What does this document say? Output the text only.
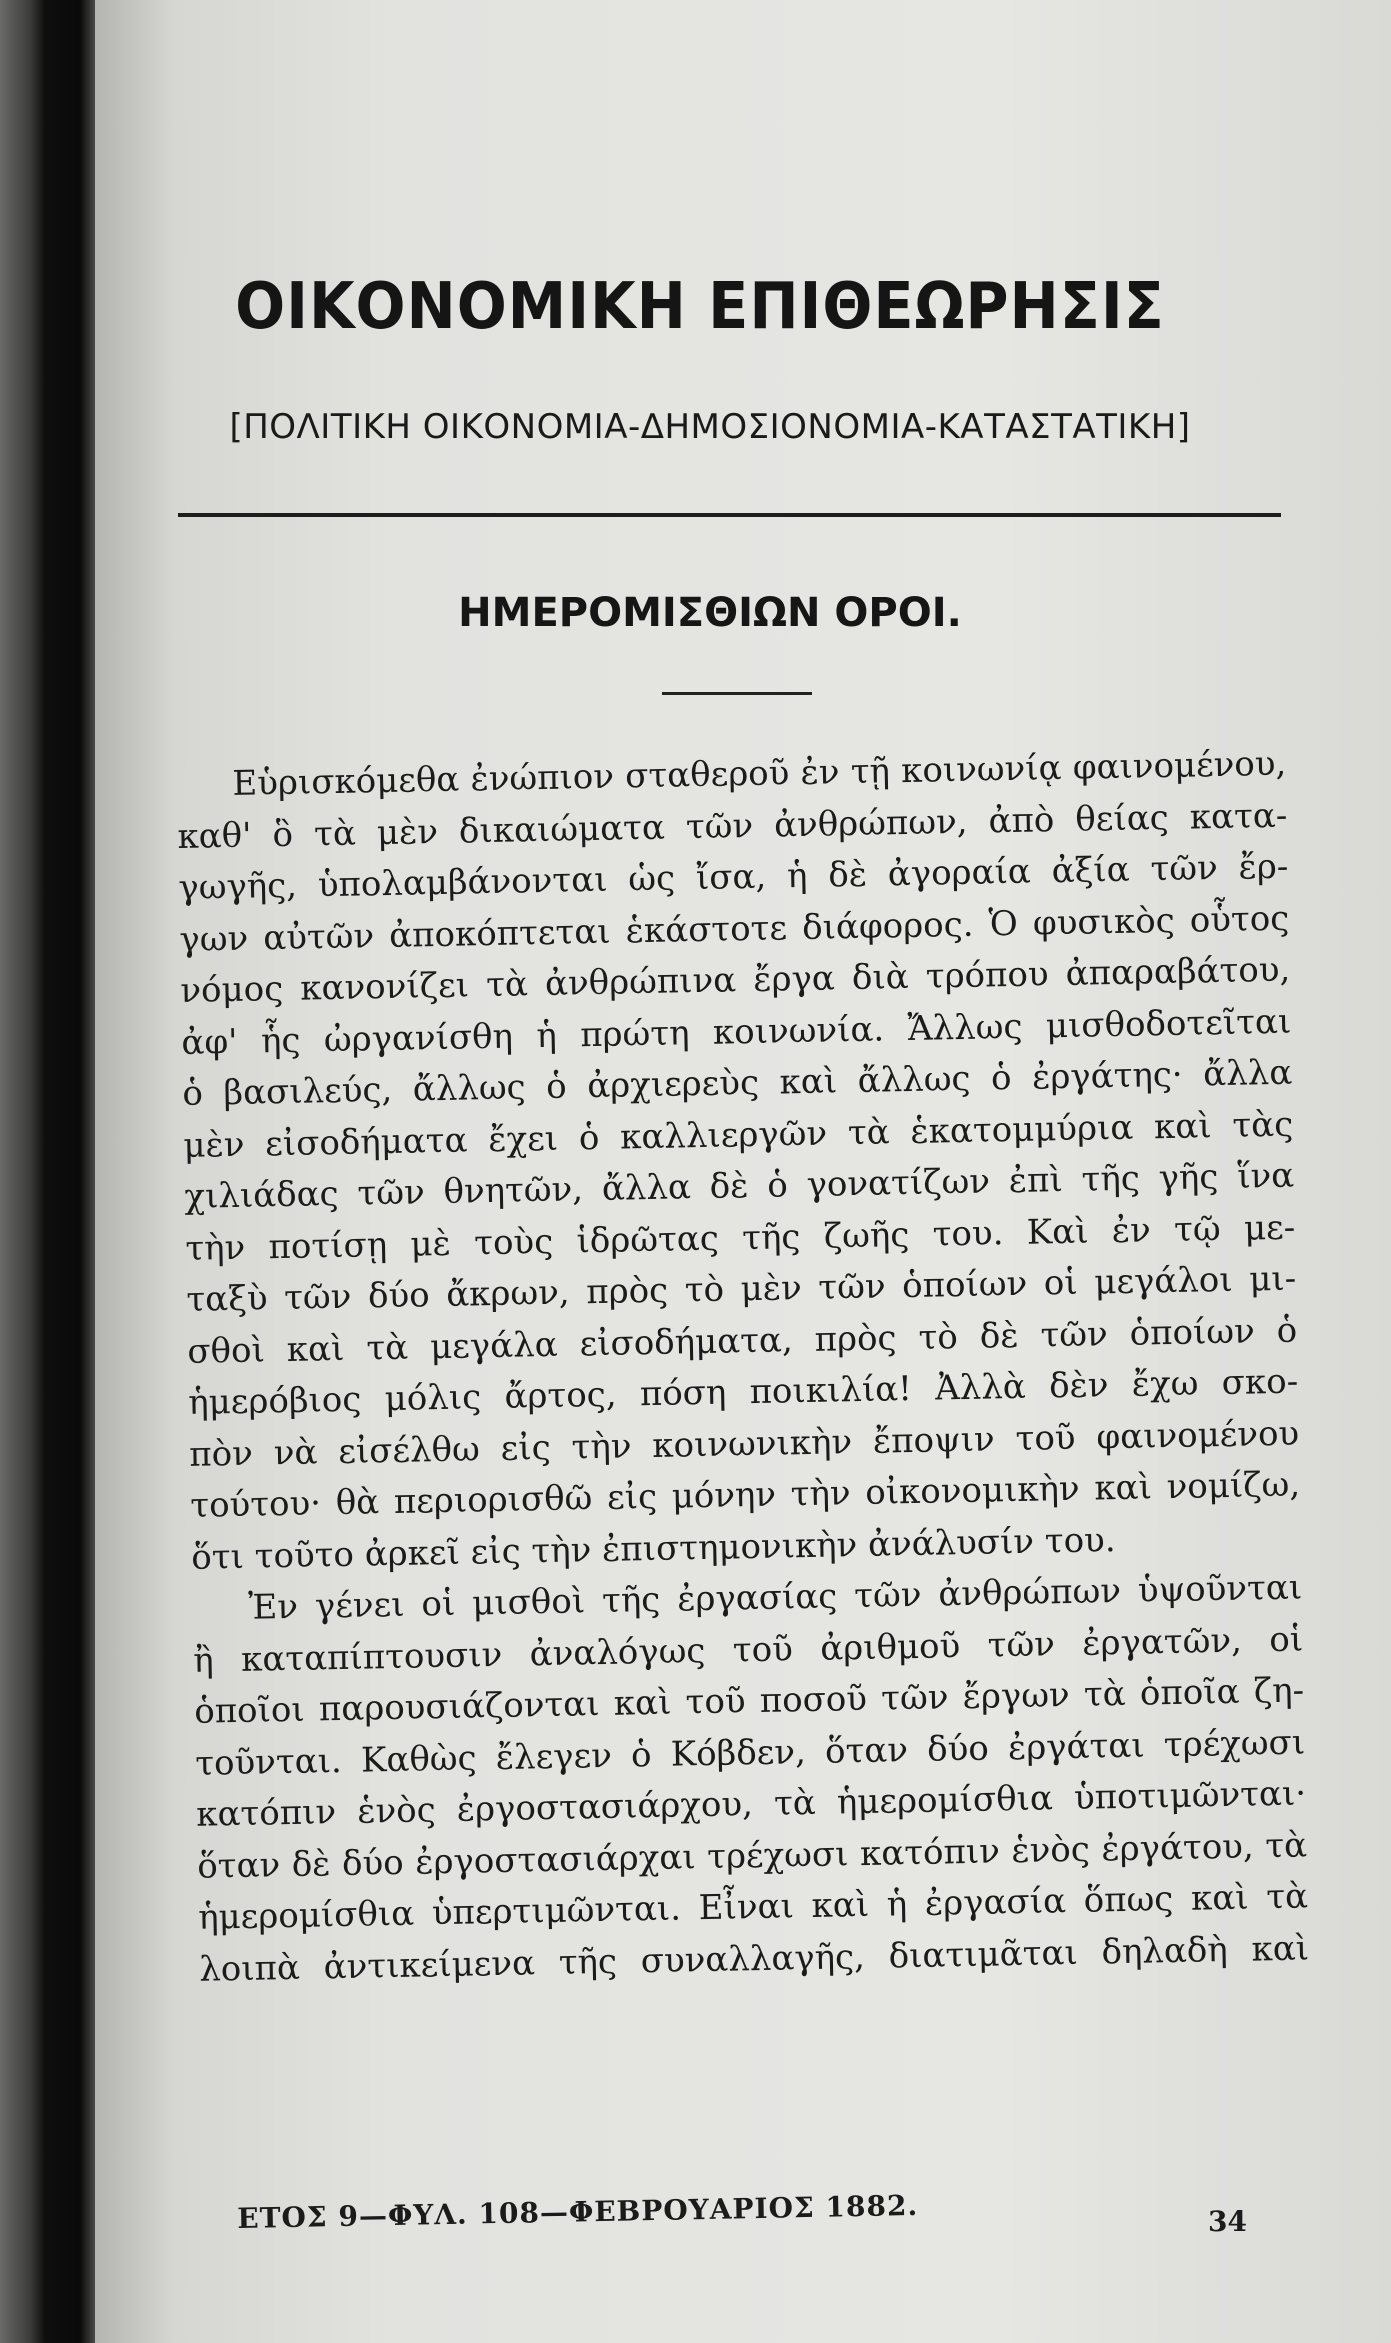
ΟΙΚΟΝΟΜΙΚΗ ΕΠΙΘΕΩΡΗΣΙΣ
[ΠΟΛΙΤΙΚΗ ΟΙΚΟΝΟΜΙΑ-ΔΗΜΟΣΙΟΝΟΜΙΑ-ΚΑΤΑΣΤΑΤΙΚΗ]
ΗΜΕΡΟΜΙΣΘΙΩΝ ΟΡΟΙ.
Εὑρισκόμεθα ἐνώπιον σταθεροῦ ἐν τῇ κοινωνίᾳ φαινομένου,
καθ' ὃ τὰ μὲν δικαιώματα τῶν ἀνθρώπων, ἀπὸ θείας κατα-
γωγῆς, ὑπολαμβάνονται ὡς ἴσα, ἡ δὲ ἀγοραία ἀξία τῶν ἔρ-
γων αὐτῶν ἀποκόπτεται ἑκάστοτε διάφορος. Ὁ φυσικὸς οὗτος
νόμος κανονίζει τὰ ἀνθρώπινα ἔργα διὰ τρόπου ἀπαραβάτου,
ἀφ' ἧς ὠργανίσθη ἡ πρώτη κοινωνία. Ἄλλως μισθοδοτεῖται
ὁ βασιλεύς, ἄλλως ὁ ἀρχιερεὺς καὶ ἄλλως ὁ ἐργάτης· ἄλλα
μὲν εἰσοδήματα ἔχει ὁ καλλιεργῶν τὰ ἑκατομμύρια καὶ τὰς
χιλιάδας τῶν θνητῶν, ἄλλα δὲ ὁ γονατίζων ἐπὶ τῆς γῆς ἵνα
τὴν ποτίσῃ μὲ τοὺς ἱδρῶτας τῆς ζωῆς του. Καὶ ἐν τῷ με-
ταξὺ τῶν δύο ἄκρων, πρὸς τὸ μὲν τῶν ὁποίων οἱ μεγάλοι μι-
σθοὶ καὶ τὰ μεγάλα εἰσοδήματα, πρὸς τὸ δὲ τῶν ὁποίων ὁ
ἡμερόβιος μόλις ἄρτος, πόση ποικιλία! Ἀλλὰ δὲν ἔχω σκο-
πὸν νὰ εἰσέλθω εἰς τὴν κοινωνικὴν ἔποψιν τοῦ φαινομένου
τούτου· θὰ περιορισθῶ εἰς μόνην τὴν οἰκονομικὴν καὶ νομίζω,
ὅτι τοῦτο ἀρκεῖ εἰς τὴν ἐπιστημονικὴν ἀνάλυσίν του.
Ἐν γένει οἱ μισθοὶ τῆς ἐργασίας τῶν ἀνθρώπων ὑψοῦνται
ἢ καταπίπτουσιν ἀναλόγως τοῦ ἀριθμοῦ τῶν ἐργατῶν, οἱ
ὁποῖοι παρουσιάζονται καὶ τοῦ ποσοῦ τῶν ἔργων τὰ ὁποῖα ζη-
τοῦνται. Καθὼς ἔλεγεν ὁ Κόβδεν, ὅταν δύο ἐργάται τρέχωσι
κατόπιν ἑνὸς ἐργοστασιάρχου, τὰ ἡμερομίσθια ὑποτιμῶνται·
ὅταν δὲ δύο ἐργοστασιάρχαι τρέχωσι κατόπιν ἑνὸς ἐργάτου, τὰ
ἡμερομίσθια ὑπερτιμῶνται. Εἶναι καὶ ἡ ἐργασία ὅπως καὶ τὰ
λοιπὰ ἀντικείμενα τῆς συναλλαγῆς, διατιμᾶται δηλαδὴ καὶ
ΕΤΟΣ 9—ΦΥΛ. 108—ΦΕΒΡΟΥΑΡΙΟΣ 1882.	34
